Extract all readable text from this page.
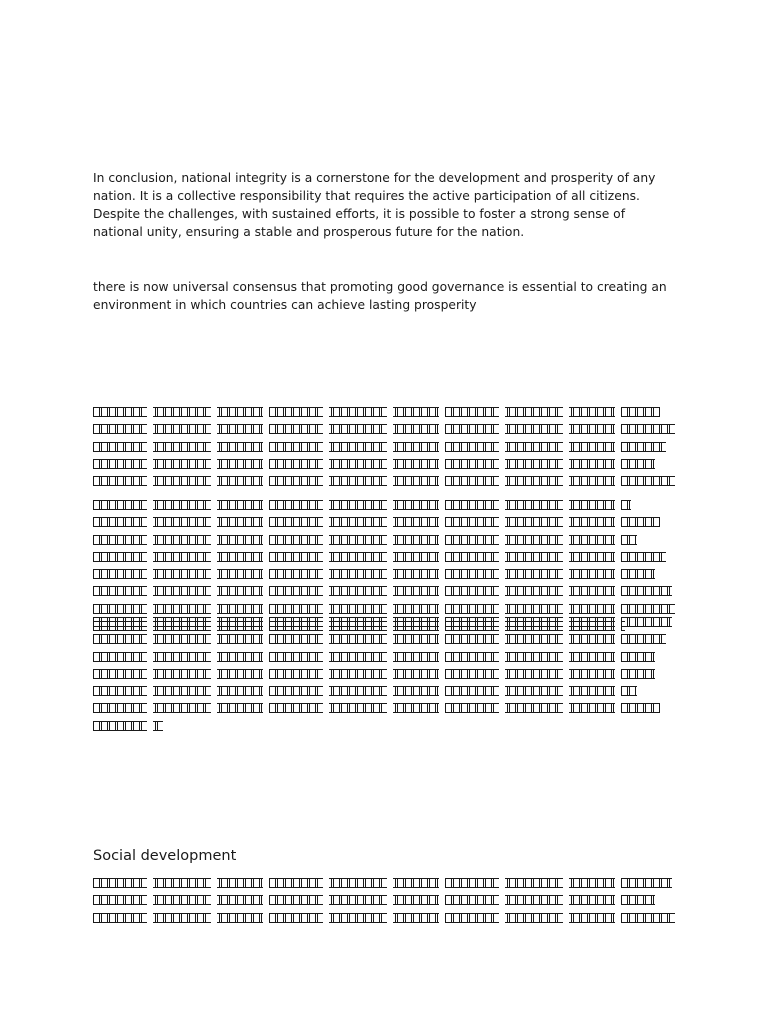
In conclusion, national integrity is a cornerstone for the development and prosperity of any nation. It is a collective responsibility that requires the active participation of all citizens. Despite the challenges, with sustained efforts, it is possible to foster a strong sense of national unity, ensuring a stable and prosperous future for the nation.

there is now universal consensus that promoting good governance is essential to creating an environment in which countries can achieve lasting prosperity

Social development
